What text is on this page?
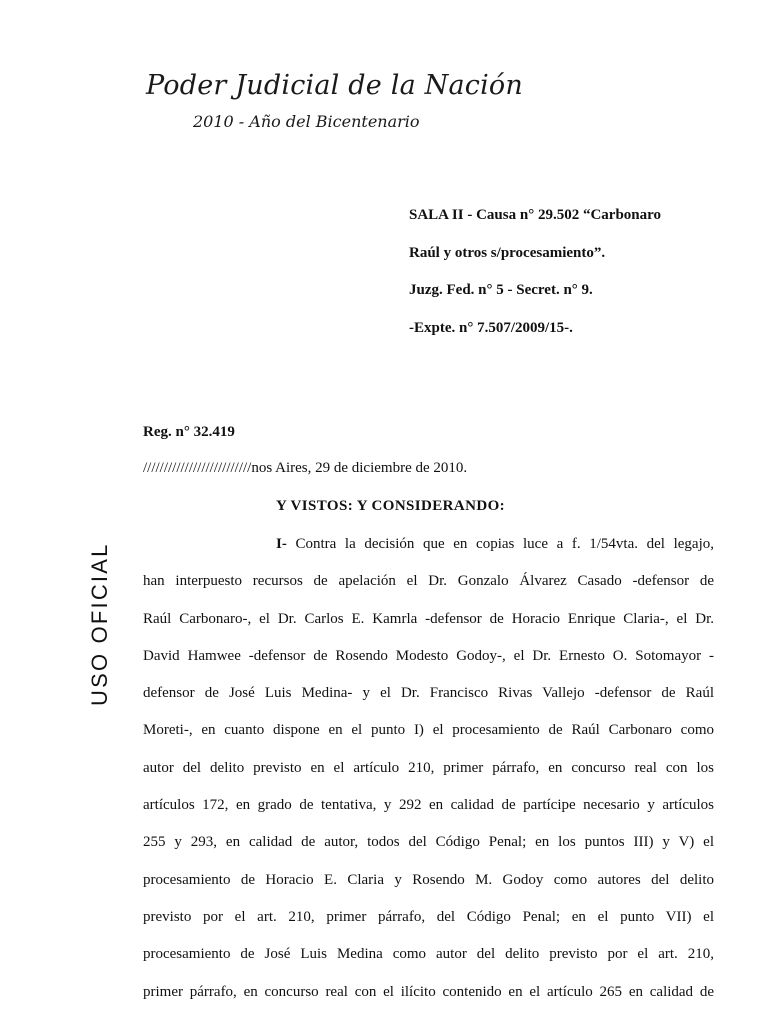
Poder Judicial de la Nación
2010 - Año del Bicentenario
SALA II - Causa n° 29.502 “Carbonaro
Raúl y otros s/procesamiento”.
Juzg. Fed. n° 5 - Secret. n° 9.
-Expte. n° 7.507/2009/15-.
USO OFICIAL
Reg. n° 32.419
//////////////////////////nos Aires, 29 de diciembre de 2010.
Y VISTOS: Y CONSIDERANDO:
I- Contra la decisión que en copias luce a f. 1/54vta. del legajo,
han interpuesto recursos de apelación el Dr. Gonzalo Álvarez Casado -defensor de
Raúl Carbonaro-, el Dr. Carlos E. Kamrla -defensor de Horacio Enrique Claria-, el Dr.
David Hamwee -defensor de Rosendo Modesto Godoy-, el Dr. Ernesto O. Sotomayor -
defensor de José Luis Medina- y el Dr. Francisco Rivas Vallejo -defensor de Raúl
Moreti-, en cuanto dispone en el punto I) el procesamiento de Raúl Carbonaro como
autor del delito previsto en el artículo 210, primer párrafo, en concurso real con los
artículos 172, en grado de tentativa, y 292 en calidad de partícipe necesario y artículos
255 y 293, en calidad de autor, todos del Código Penal; en los puntos III) y V) el
procesamiento de Horacio E. Claria y Rosendo M. Godoy como autores del delito
previsto por el art. 210, primer párrafo, del Código Penal; en el punto VII) el
procesamiento de José Luis Medina como autor del delito previsto por el art. 210,
primer párrafo, en concurso real con el ilícito contenido en el artículo 265 en calidad de
